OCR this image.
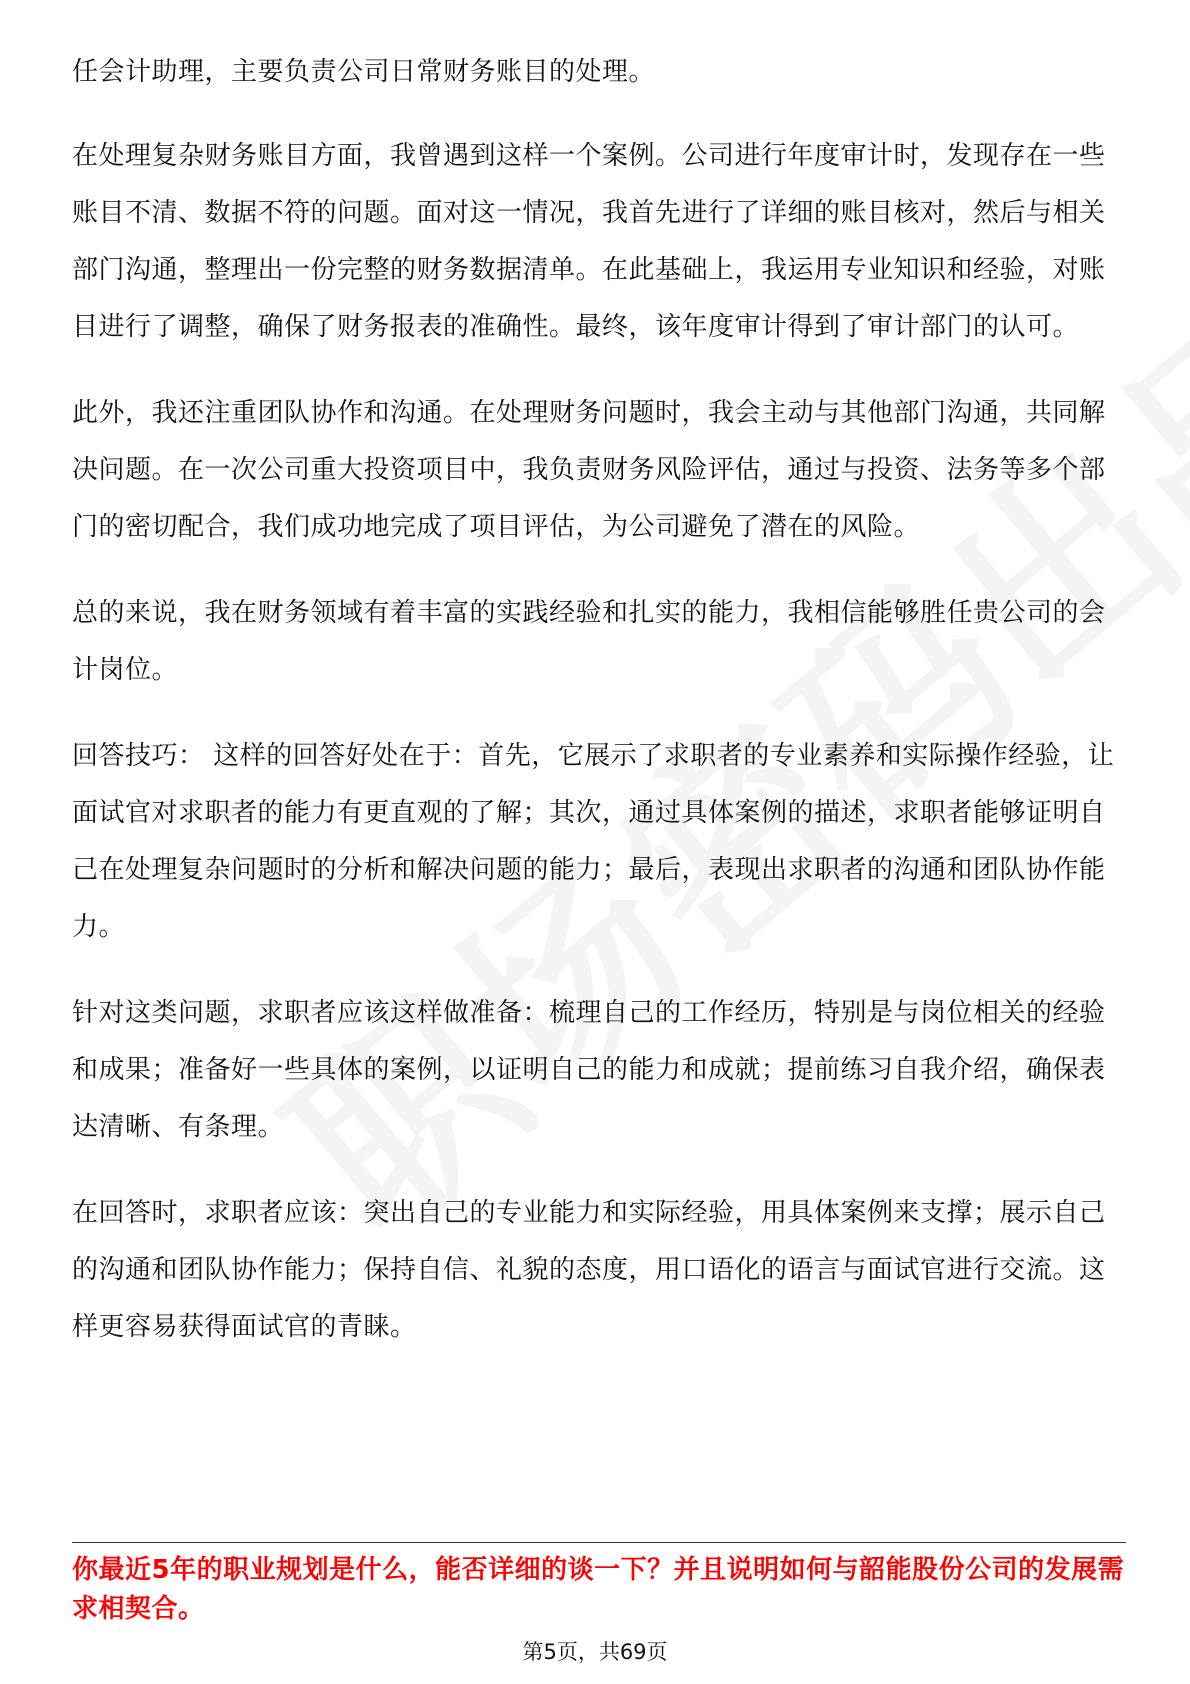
任会计助理，主要负责公司日常财务账目的处理。

在处理复杂财务账目方面，我曾遇到这样一个案例。公司进行年度审计时，发现存在一些账目不清、数据不符的问题。面对这一情况，我首先进行了详细的账目核对，然后与相关部门沟通，整理出一份完整的财务数据清单。在此基础上，我运用专业知识和经验，对账目进行了调整，确保了财务报表的准确性。最终，该年度审计得到了审计部门的认可。

此外，我还注重团队协作和沟通。在处理财务问题时，我会主动与其他部门沟通，共同解决问题。在一次公司重大投资项目中，我负责财务风险评估，通过与投资、法务等多个部门的密切配合，我们成功地完成了项目评估，为公司避免了潜在的风险。

总的来说，我在财务领域有着丰富的实践经验和扎实的能力，我相信能够胜任贵公司的会计岗位。

回答技巧： 这样的回答好处在于：首先，它展示了求职者的专业素养和实际操作经验，让面试官对求职者的能力有更直观的了解；其次，通过具体案例的描述，求职者能够证明自己在处理复杂问题时的分析和解决问题的能力；最后，表现出求职者的沟通和团队协作能力。

针对这类问题，求职者应该这样做准备：梳理自己的工作经历，特别是与岗位相关的经验和成果；准备好一些具体的案例，以证明自己的能力和成就；提前练习自我介绍，确保表达清晰、有条理。

在回答时，求职者应该：突出自己的专业能力和实际经验，用具体案例来支撑；展示自己的沟通和团队协作能力；保持自信、礼貌的态度，用口语化的语言与面试官进行交流。这样更容易获得面试官的青睐。

你最近5年的职业规划是什么，能否详细的谈一下？并且说明如何与韶能股份公司的发展需求相契合。
第5页，共69页
